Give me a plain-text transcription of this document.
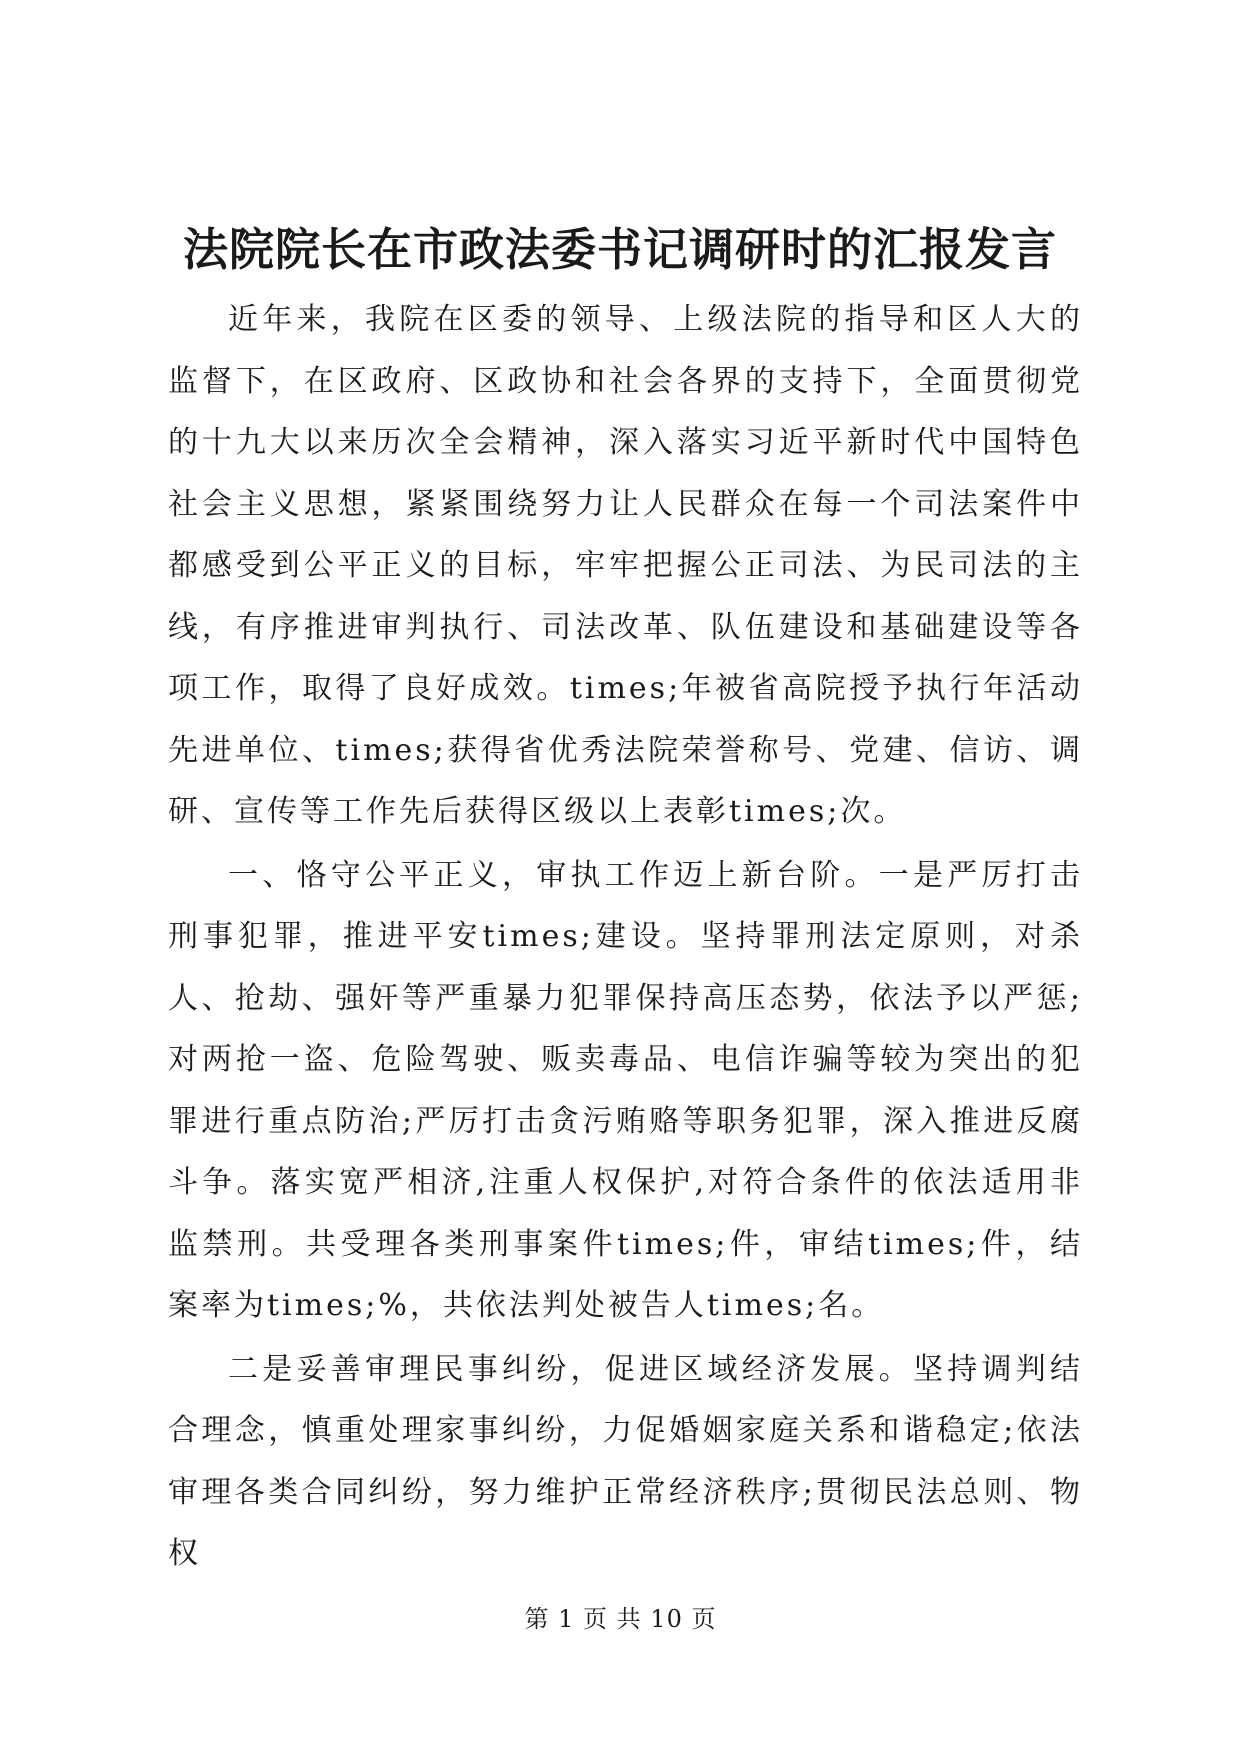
法院院长在市政法委书记调研时的汇报发言

近年来，我院在区委的领导、上级法院的指导和区人大的监督下，在区政府、区政协和社会各界的支持下，全面贯彻党的十九大以来历次全会精神，深入落实习近平新时代中国特色社会主义思想，紧紧围绕努力让人民群众在每一个司法案件中都感受到公平正义的目标，牢牢把握公正司法、为民司法的主线，有序推进审判执行、司法改革、队伍建设和基础建设等各项工作，取得了良好成效。times;年被省高院授予执行年活动先进单位、times;获得省优秀法院荣誉称号、党建、信访、调研、宣传等工作先后获得区级以上表彰times;次。

一、恪守公平正义，审执工作迈上新台阶。一是严厉打击刑事犯罪，推进平安times;建设。坚持罪刑法定原则，对杀人、抢劫、强奸等严重暴力犯罪保持高压态势，依法予以严惩;对两抢一盗、危险驾驶、贩卖毒品、电信诈骗等较为突出的犯罪进行重点防治;严厉打击贪污贿赂等职务犯罪，深入推进反腐斗争。落实宽严相济,注重人权保护,对符合条件的依法适用非监禁刑。共受理各类刑事案件times;件，审结times;件，结案率为times;%，共依法判处被告人times;名。

二是妥善审理民事纠纷，促进区域经济发展。坚持调判结合理念，慎重处理家事纠纷，力促婚姻家庭关系和谐稳定;依法审理各类合同纠纷，努力维护正常经济秩序;贯彻民法总则、物权

第 1 页 共 10 页
